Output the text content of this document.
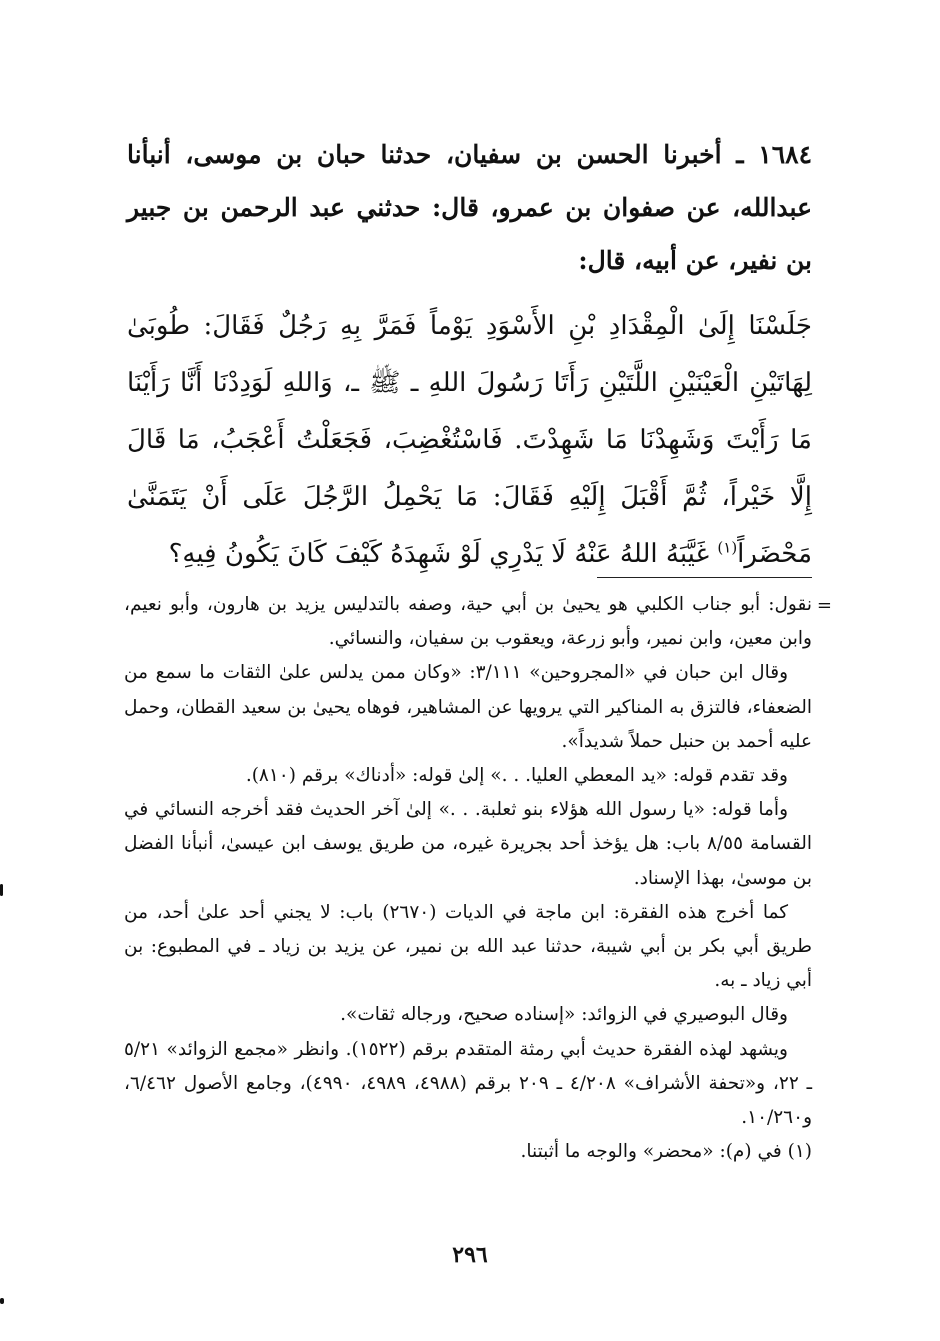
١٦٨٤ ـ أخبرنا الحسن بن سفيان، حدثنا حبان بن موسى، أنبأنا عبدالله، عن صفوان بن عمرو، قال: حدثني عبد الرحمن بن جبير بن نفير، عن أبيه، قال:

جَلَسْنَا إِلَىٰ الْمِقْدَادِ بْنِ الأَسْوَدِ يَوْماً فَمَرَّ بِهِ رَجُلٌ فَقَالَ: طُوبَىٰ لِهَاتَيْنِ الْعَيْنَيْنِ اللَّتَيْنِ رَأَتَا رَسُولَ اللهِ ـ ﷺ ـ، وَاللهِ لَوَدِدْنَا أَنَّا رَأَيْنَا مَا رَأَيْتَ وَشَهِدْنَا مَا شَهِدْتَ. فَاسْتُغْضِبَ، فَجَعَلْتُ أَعْجَبُ، مَا قَالَ إِلَّا خَيْراً، ثُمَّ أَقْبَلَ إِلَيْهِ فَقَالَ: مَا يَحْمِلُ الرَّجُلَ عَلَى أَنْ يَتَمَنَّىٰ مَحْضَراً$^{(١)}$ غَيَّبَهُ اللهُ عَنْهُ لَا يَدْرِي لَوْ شَهِدَهُ كَيْفَ كَانَ يَكُونُ فِيهِ؟

=

نقول: أبو جناب الكلبي هو يحيىٰ بن أبي حية، وصفه بالتدليس يزيد بن هارون، وأبو نعيم، وابن معين، وابن نمير، وأبو زرعة، ويعقوب بن سفيان، والنسائي.

وقال ابن حبان في «المجروحين» ٣/١١١: «وكان ممن يدلس علىٰ الثقات ما سمع من الضعفاء، فالتزق به المناكير التي يرويها عن المشاهير، فوهاه يحيىٰ بن سعيد القطان، وحمل عليه أحمد بن حنبل حملاً شديداً».

وقد تقدم قوله: «يد المعطي العليا. . .» إلىٰ قوله: «أدناك» برقم (٨١٠).

وأما قوله: «يا رسول الله هؤلاء بنو ثعلبة. . .» إلىٰ آخر الحديث فقد أخرجه النسائي في القسامة ٨/٥٥ باب: هل يؤخذ أحد بجريرة غيره، من طريق يوسف ابن عيسىٰ، أنبأنا الفضل بن موسىٰ، بهذا الإسناد.

كما أخرج هذه الفقرة: ابن ماجة في الديات (٢٦٧٠) باب: لا يجني أحد علىٰ أحد، من طريق أبي بكر بن أبي شيبة، حدثنا عبد الله بن نمير، عن يزيد بن زياد ـ في المطبوع: بن أبي زياد ـ به.

وقال البوصيري في الزوائد: «إسناده صحيح، ورجاله ثقات».

ويشهد لهذه الفقرة حديث أبي رمثة المتقدم برقم (١٥٢٢). وانظر «مجمع الزوائد» ٥/٢١ ـ ٢٢، و«تحفة الأشراف» ٤/٢٠٨ ـ ٢٠٩ برقم (٤٩٨٨، ٤٩٨٩، ٤٩٩٠)، وجامع الأصول ٦/٤٦٢، و١٠/٢٦٠.

(١) في (م): «محضر» والوجه ما أثبتنا.

٢٩٦
